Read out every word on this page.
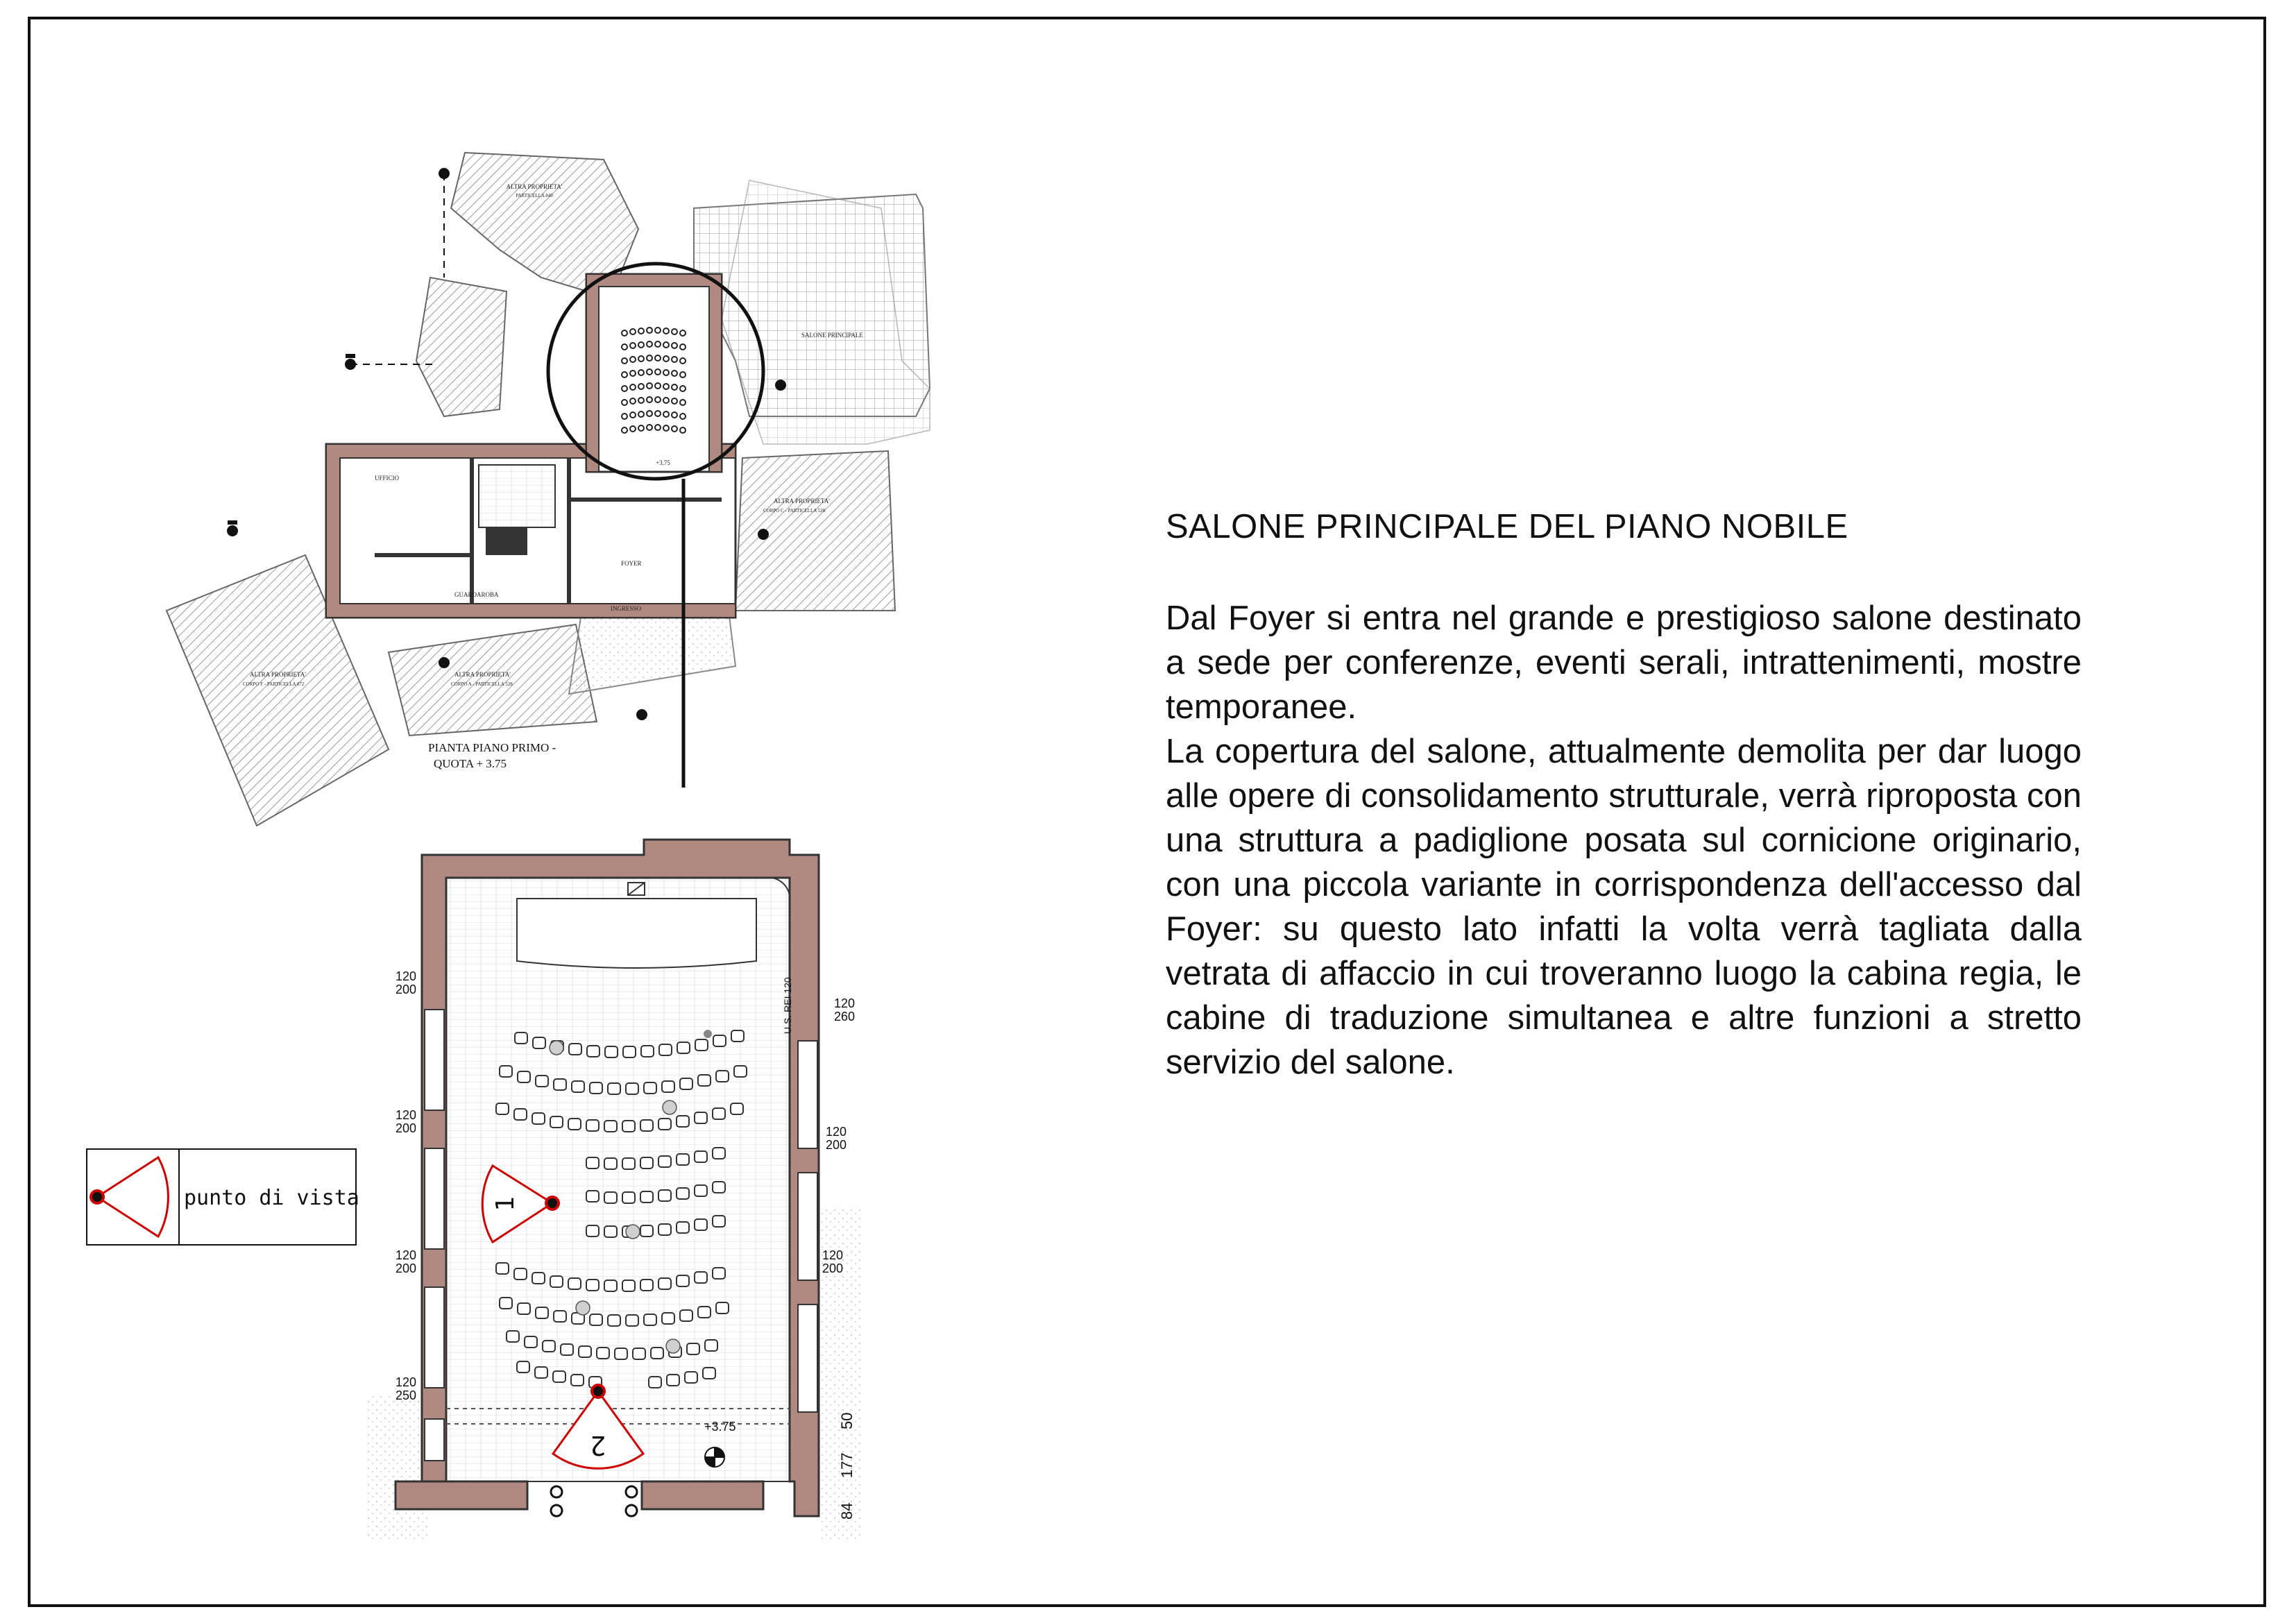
ALTRA PROPRIETA'
PARTICELLA 840
SALONE PRINCIPALE
ALTRA PROPRIETA'
CORPO C - PARTICELLA 528
ALTRA PROPRIETA'
CORPO F - PARTICELLA 872
ALTRA PROPRIETA'
CORPO A - PARTICELLA 528
UFFICIO
FOYER
INGRESSO
GUARDAROBA
+3.75
PIANTA PIANO PRIMO -
QUOTA + 3.75
+3.75
120
200
120
200
120
200
120
250
120
260
120
200
120
200
U.S. REI 120
50
177
84
1
2
punto di vista
SALONE PRINCIPALE DEL PIANO NOBILE

Dal Foyer si entra nel grande e prestigioso salone destinato a sede per conferenze, eventi serali, intrattenimenti, mostre temporanee.

La copertura del salone, attualmente demolita per dar luogo alle opere di consolidamento strutturale, verrà riproposta con una struttura a padiglione posata sul cornicione originario, con una piccola variante in corrispondenza dell'accesso dal Foyer: su questo lato infatti la volta verrà tagliata dalla vetrata di affaccio in cui troveranno luogo la cabina regia, le cabine di traduzione simultanea e altre funzioni a stretto servizio del salone.
